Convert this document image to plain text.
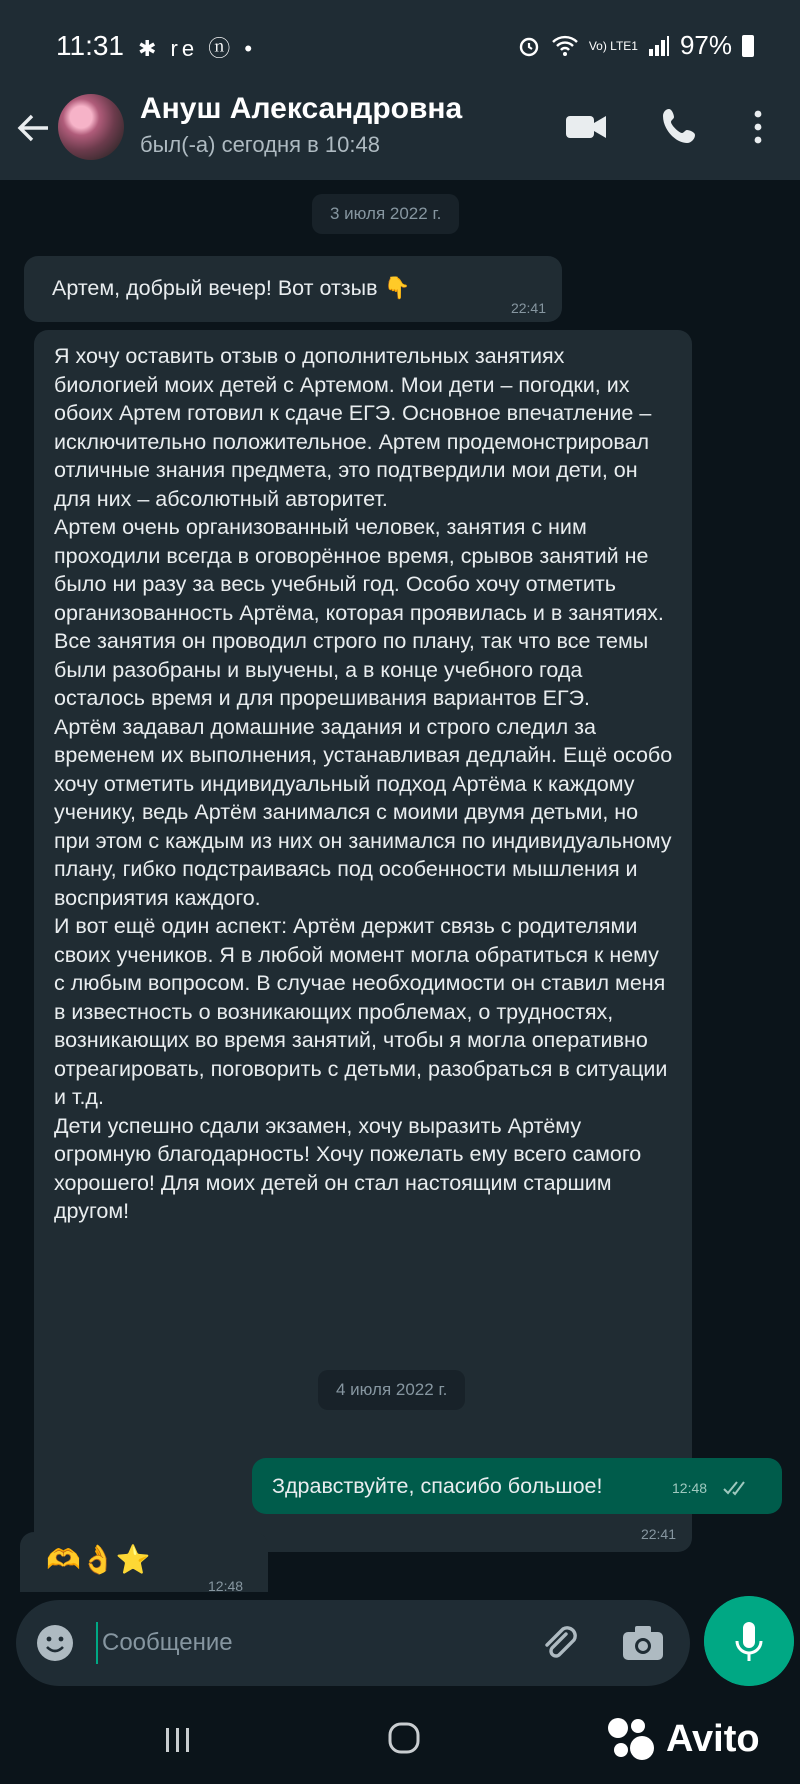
11:31 ✱ re ⓝ •	Vo) LTE1 97%
Ануш Александровна
был(-а) сегодня в 10:48
3 июля 2022 г.
Артем, добрый вечер! Вот отзыв 👇
22:41
Я хочу оставить отзыв о дополнительных занятиях биологией моих детей с Артемом. Мои дети – погодки, их обоих Артем готовил к сдаче ЕГЭ. Основное впечатление – исключительно положительное. Артем продемонстрировал отличные знания предмета, это подтвердили мои дети, он для них – абсолютный авторитет.
Артем очень организованный человек, занятия с ним проходили всегда в оговорённое время, срывов занятий не было ни разу за весь учебный год. Особо хочу отметить организованность Артёма, которая проявилась и в занятиях. Все занятия он проводил строго по плану, так что все темы были разобраны и выучены, а в конце учебного года осталось время и для прорешивания вариантов ЕГЭ.
Артём задавал домашние задания и строго следил за временем их выполнения, устанавливая дедлайн. Ещё особо хочу отметить индивидуальный подход Артёма к каждому ученику, ведь Артём занимался с моими двумя детьми, но при этом с каждым из них он занимался по индивидуальному плану, гибко подстраиваясь под особенности мышления и восприятия каждого.
И вот ещё один аспект: Артём держит связь с родителями своих учеников. Я в любой момент могла обратиться к нему с любым вопросом. В случае необходимости он ставил меня в известность о возникающих проблемах, о трудностях, возникающих во время занятий, чтобы я могла оперативно отреагировать, поговорить с детьми, разобраться в ситуации и т.д.
Дети успешно сдали экзамен, хочу выразить Артёму огромную благодарность! Хочу пожелать ему всего самого хорошего! Для моих детей он стал настоящим старшим другом!
22:41
4 июля 2022 г.
Здравствуйте, спасибо большое!	12:48
🫶👌⭐
12:48
Сообщение
Avito
